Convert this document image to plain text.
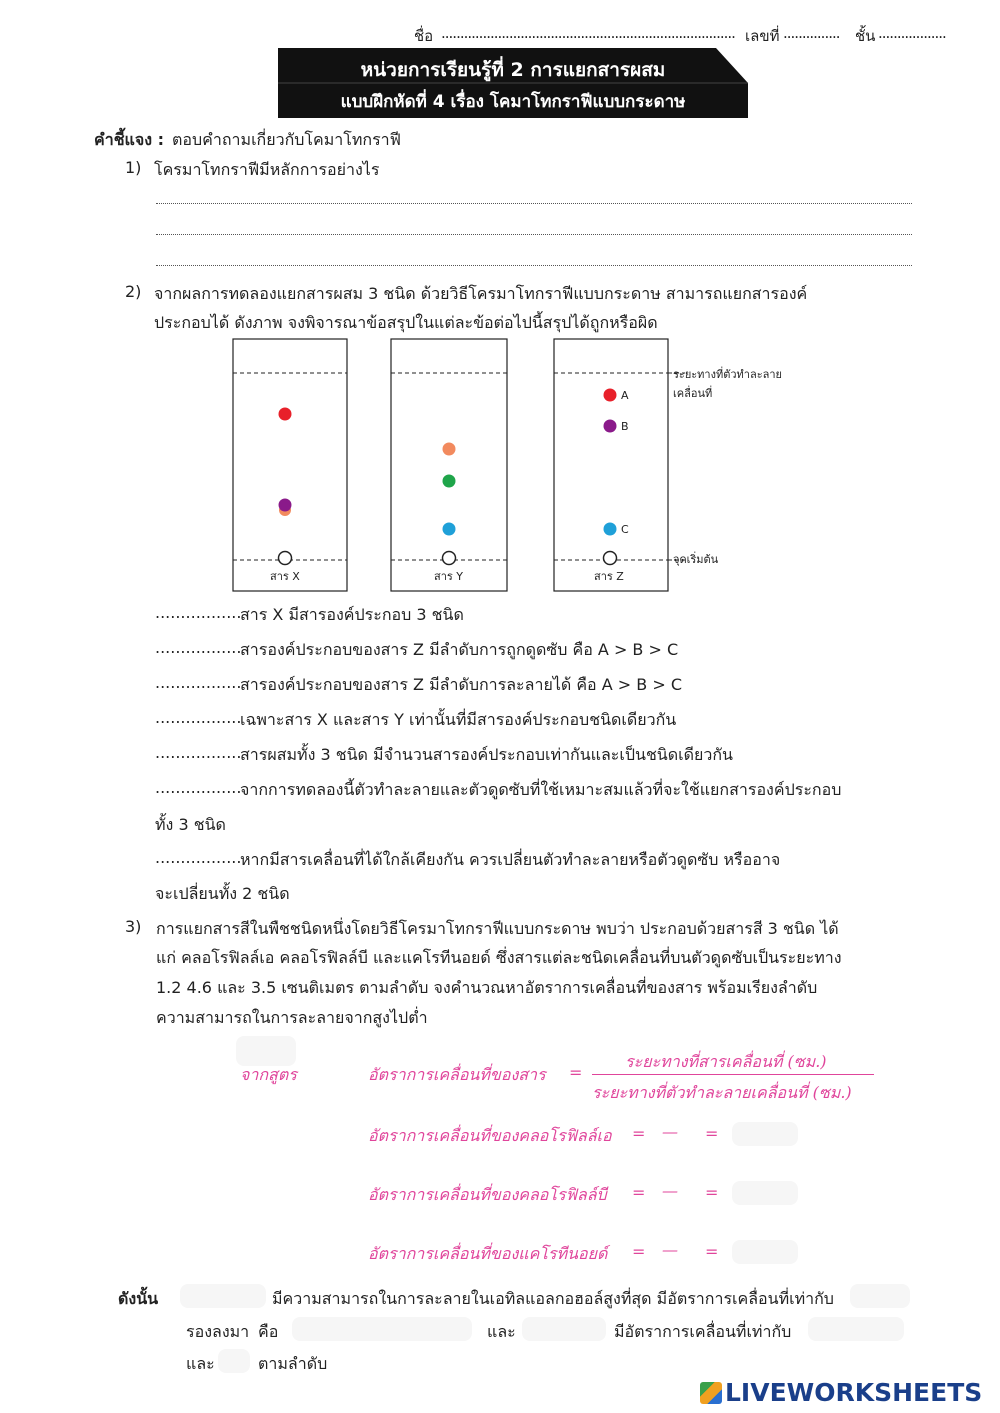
ชื่อ .............................................................................. เลขที่ ............... ชั้น ..................
หน่วยการเรียนรู้ที่ 2 การแยกสารผสม
แบบฝึกหัดที่ 4 เรื่อง โคมาโทกราฟีแบบกระดาษ
คำชี้แจง : ตอบคำถามเกี่ยวกับโคมาโทกราฟี
1) โครมาโทกราฟีมีหลักการอย่างไร
2) จากผลการทดลองแยกสารผสม 3 ชนิด ด้วยวิธีโครมาโทกราฟีแบบกระดาษ สามารถแยกสารองค์
ประกอบได้ ดังภาพ จงพิจารณาข้อสรุปในแต่ละข้อต่อไปนี้สรุปได้ถูกหรือผิด
สาร X	สาร Y
A
B
C
สาร Z
ระยะทางที่ตัวทำละลาย
เคลื่อนที่
จุดเริ่มต้น
.................
สาร X มีสารองค์ประกอบ 3 ชนิด
.................
สารองค์ประกอบของสาร Z มีลำดับการถูกดูดซับ คือ A > B > C
.................
สารองค์ประกอบของสาร Z มีลำดับการละลายได้ คือ A > B > C
.................
เฉพาะสาร X และสาร Y เท่านั้นที่มีสารองค์ประกอบชนิดเดียวกัน
.................
สารผสมทั้ง 3 ชนิด มีจำนวนสารองค์ประกอบเท่ากันและเป็นชนิดเดียวกัน
.................
จากการทดลองนี้ตัวทำละลายและตัวดูดซับที่ใช้เหมาะสมแล้วที่จะใช้แยกสารองค์ประกอบ
ทั้ง 3 ชนิด
.................
หากมีสารเคลื่อนที่ได้ใกล้เคียงกัน ควรเปลี่ยนตัวทำละลายหรือตัวดูดซับ หรืออาจ
จะเปลี่ยนทั้ง 2 ชนิด
3) การแยกสารสีในพืชชนิดหนึ่งโดยวิธีโครมาโทกราฟีแบบกระดาษ พบว่า ประกอบด้วยสารสี 3 ชนิด ได้
แก่ คลอโรฟิลล์เอ คลอโรฟิลล์บี และแคโรทีนอยด์ ซึ่งสารแต่ละชนิดเคลื่อนที่บนตัวดูดซับเป็นระยะทาง
1.2 4.6 และ 3.5 เซนติเมตร ตามลำดับ จงคำนวณหาอัตราการเคลื่อนที่ของสาร พร้อมเรียงลำดับ
ความสามารถในการละลายจากสูงไปต่ำ
จากสูตร	อัตราการเคลื่อนที่ของสาร =
ระยะทางที่สารเคลื่อนที่ (ซม.)
ระยะทางที่ตัวทำละลายเคลื่อนที่ (ซม.)
อัตราการเคลื่อนที่ของคลอโรฟิลล์เอ = — =
อัตราการเคลื่อนที่ของคลอโรฟิลล์บี = — =
อัตราการเคลื่อนที่ของแคโรทีนอยด์ = — =
ดังนั้น	มีความสามารถในการละลายในเอทิลแอลกอฮอล์สูงที่สุด มีอัตราการเคลื่อนที่เท่ากับ
รองลงมา คือ	และ	มีอัตราการเคลื่อนที่เท่ากับ
และ	ตามลำดับ
LIVEWORKSHEETS
